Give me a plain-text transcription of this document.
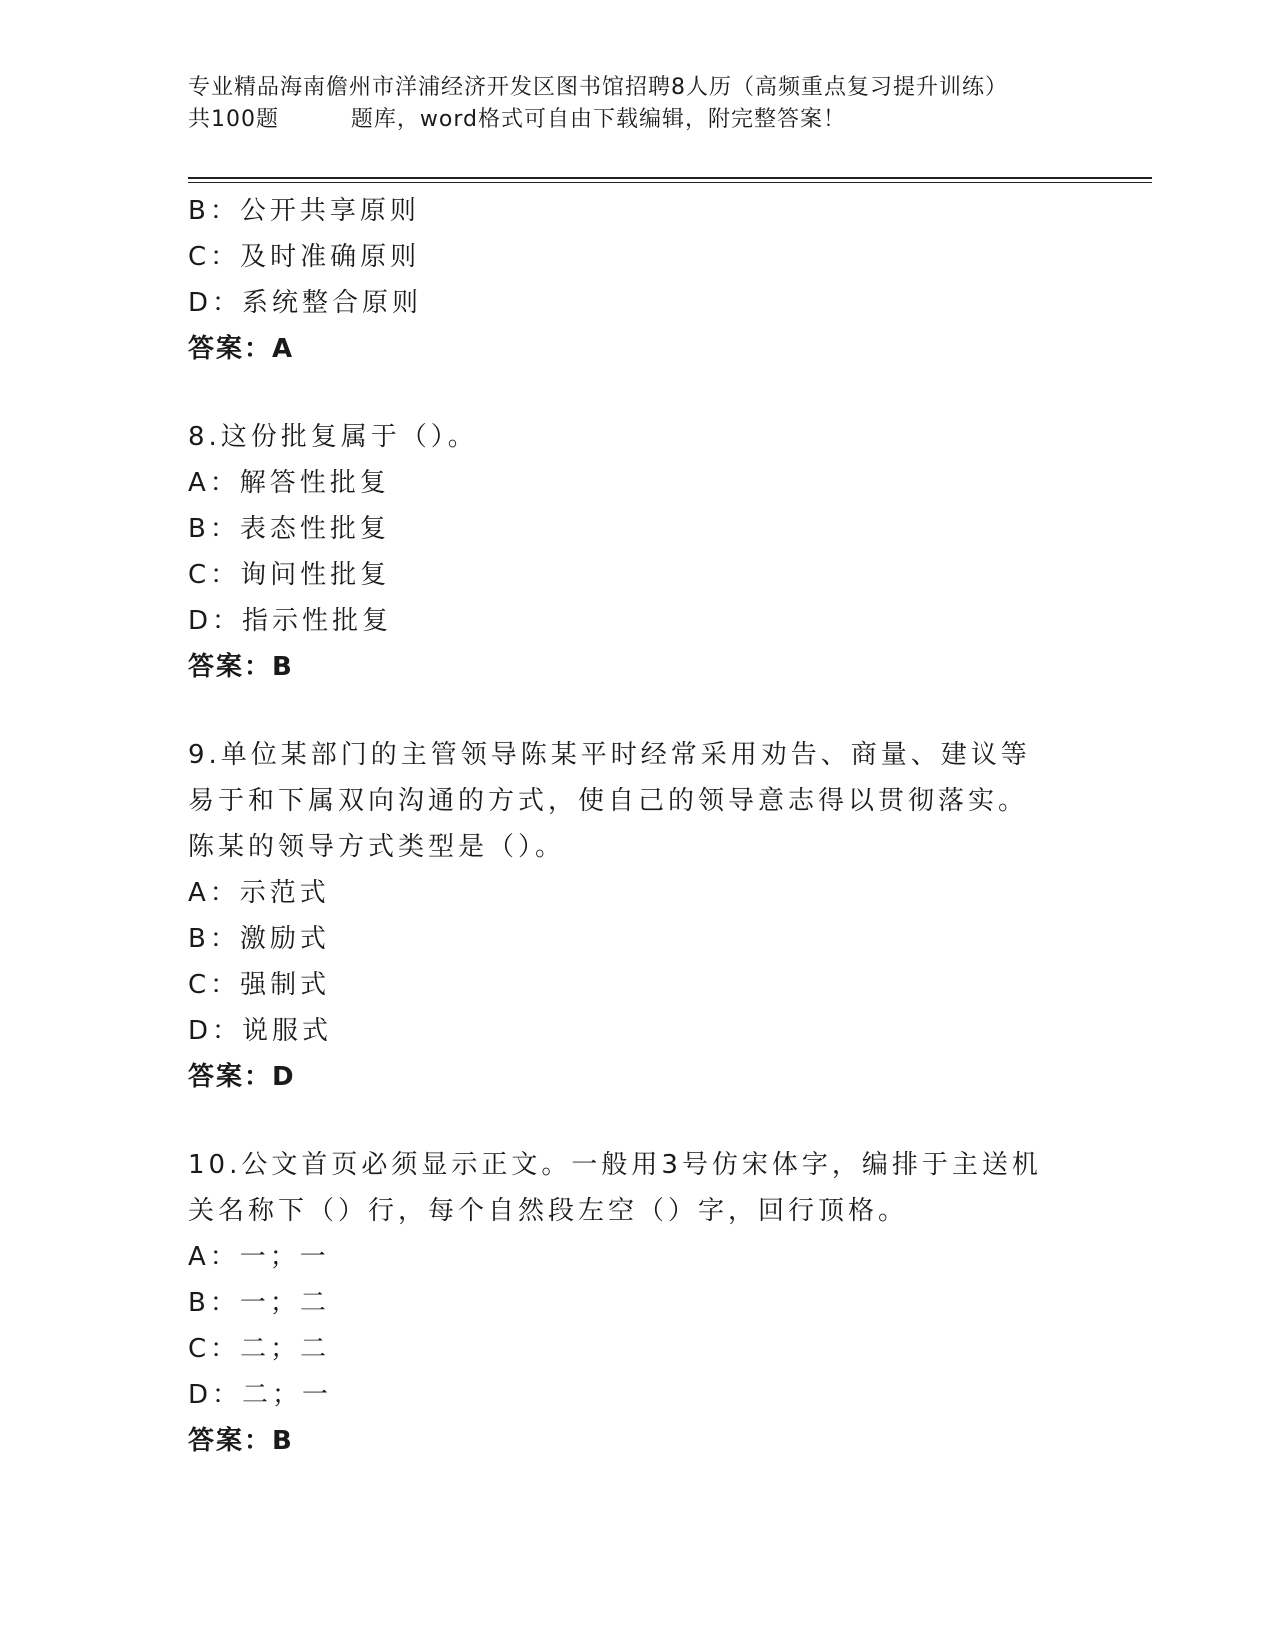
专业精品海南儋州市洋浦经济开发区图书馆招聘8人历（高频重点复习提升训练）
共100题         题库，word格式可自由下载编辑，附完整答案！
B：公开共享原则
C：及时准确原则
D：系统整合原则
答案：A
8.这份批复属于（）。
A：解答性批复
B：表态性批复
C：询问性批复
D：指示性批复
答案：B
9.单位某部门的主管领导陈某平时经常采用劝告、商量、建议等易于和下属双向沟通的方式，使自己的领导意志得以贯彻落实。陈某的领导方式类型是（）。
A：示范式
B：激励式
C：强制式
D：说服式
答案：D
10.公文首页必须显示正文。一般用3号仿宋体字，编排于主送机关名称下（）行，每个自然段左空（）字，回行顶格。
A：一；一
B：一；二
C：二；二
D：二；一
答案：B
